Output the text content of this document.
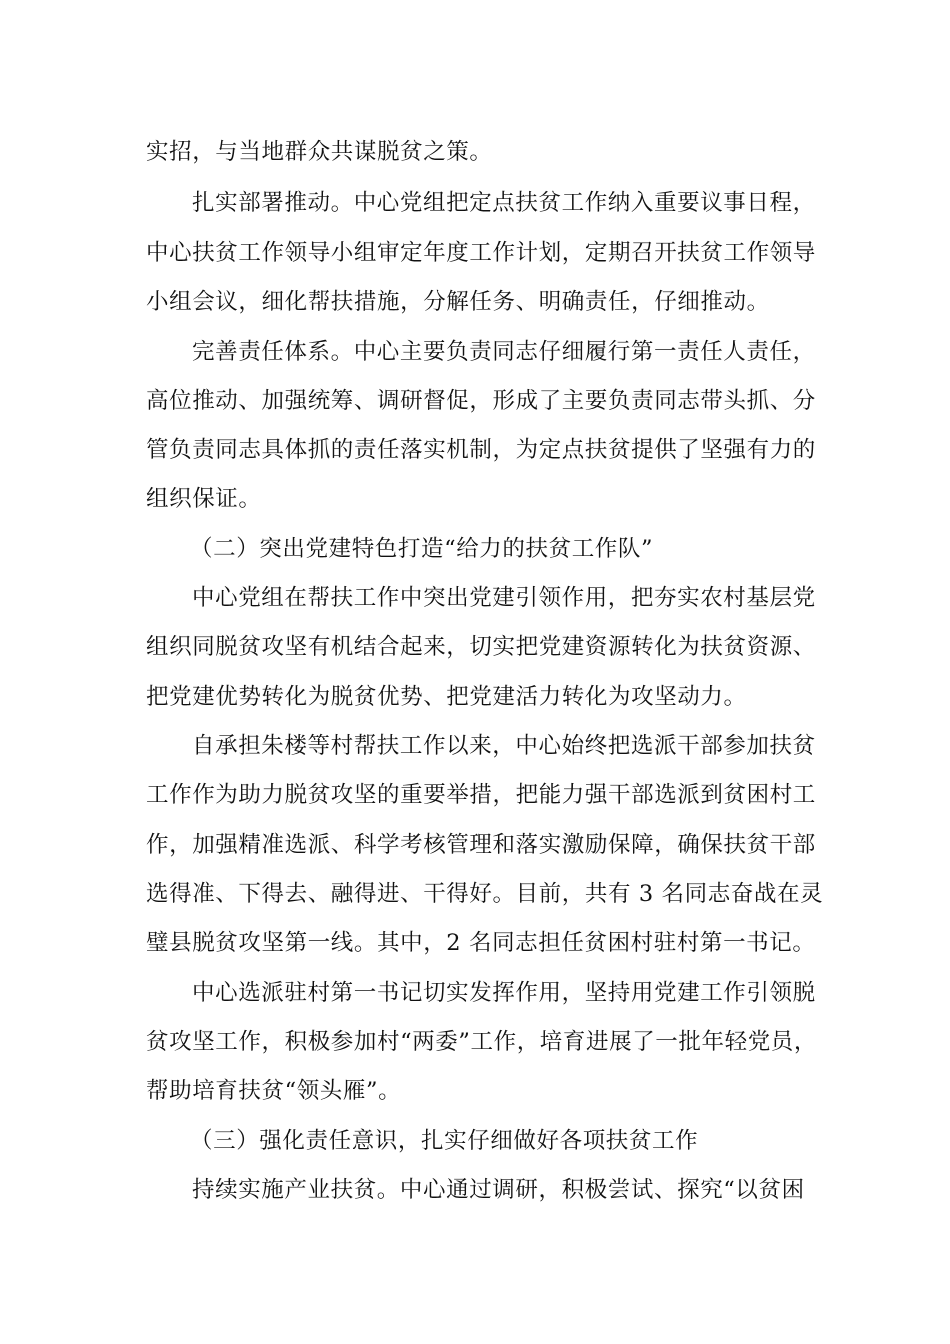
实招，与当地群众共谋脱贫之策。
扎实部署推动。中心党组把定点扶贫工作纳入重要议事日程，
中心扶贫工作领导小组审定年度工作计划，定期召开扶贫工作领导
小组会议，细化帮扶措施，分解任务、明确责任，仔细推动。
完善责任体系。中心主要负责同志仔细履行第一责任人责任，
高位推动、加强统筹、调研督促，形成了主要负责同志带头抓、分
管负责同志具体抓的责任落实机制，为定点扶贫提供了坚强有力的
组织保证。
（二）突出党建特色打造“给力的扶贫工作队”
中心党组在帮扶工作中突出党建引领作用，把夯实农村基层党
组织同脱贫攻坚有机结合起来，切实把党建资源转化为扶贫资源、
把党建优势转化为脱贫优势、把党建活力转化为攻坚动力。
自承担朱楼等村帮扶工作以来，中心始终把选派干部参加扶贫
工作作为助力脱贫攻坚的重要举措，把能力强干部选派到贫困村工
作，加强精准选派、科学考核管理和落实激励保障，确保扶贫干部
选得准、下得去、融得进、干得好。目前，共有 3 名同志奋战在灵
璧县脱贫攻坚第一线。其中，2 名同志担任贫困村驻村第一书记。
中心选派驻村第一书记切实发挥作用，坚持用党建工作引领脱
贫攻坚工作，积极参加村“两委”工作，培育进展了一批年轻党员，
帮助培育扶贫“领头雁”。
（三）强化责任意识，扎实仔细做好各项扶贫工作
持续实施产业扶贫。中心通过调研，积极尝试、探究“以贫困
